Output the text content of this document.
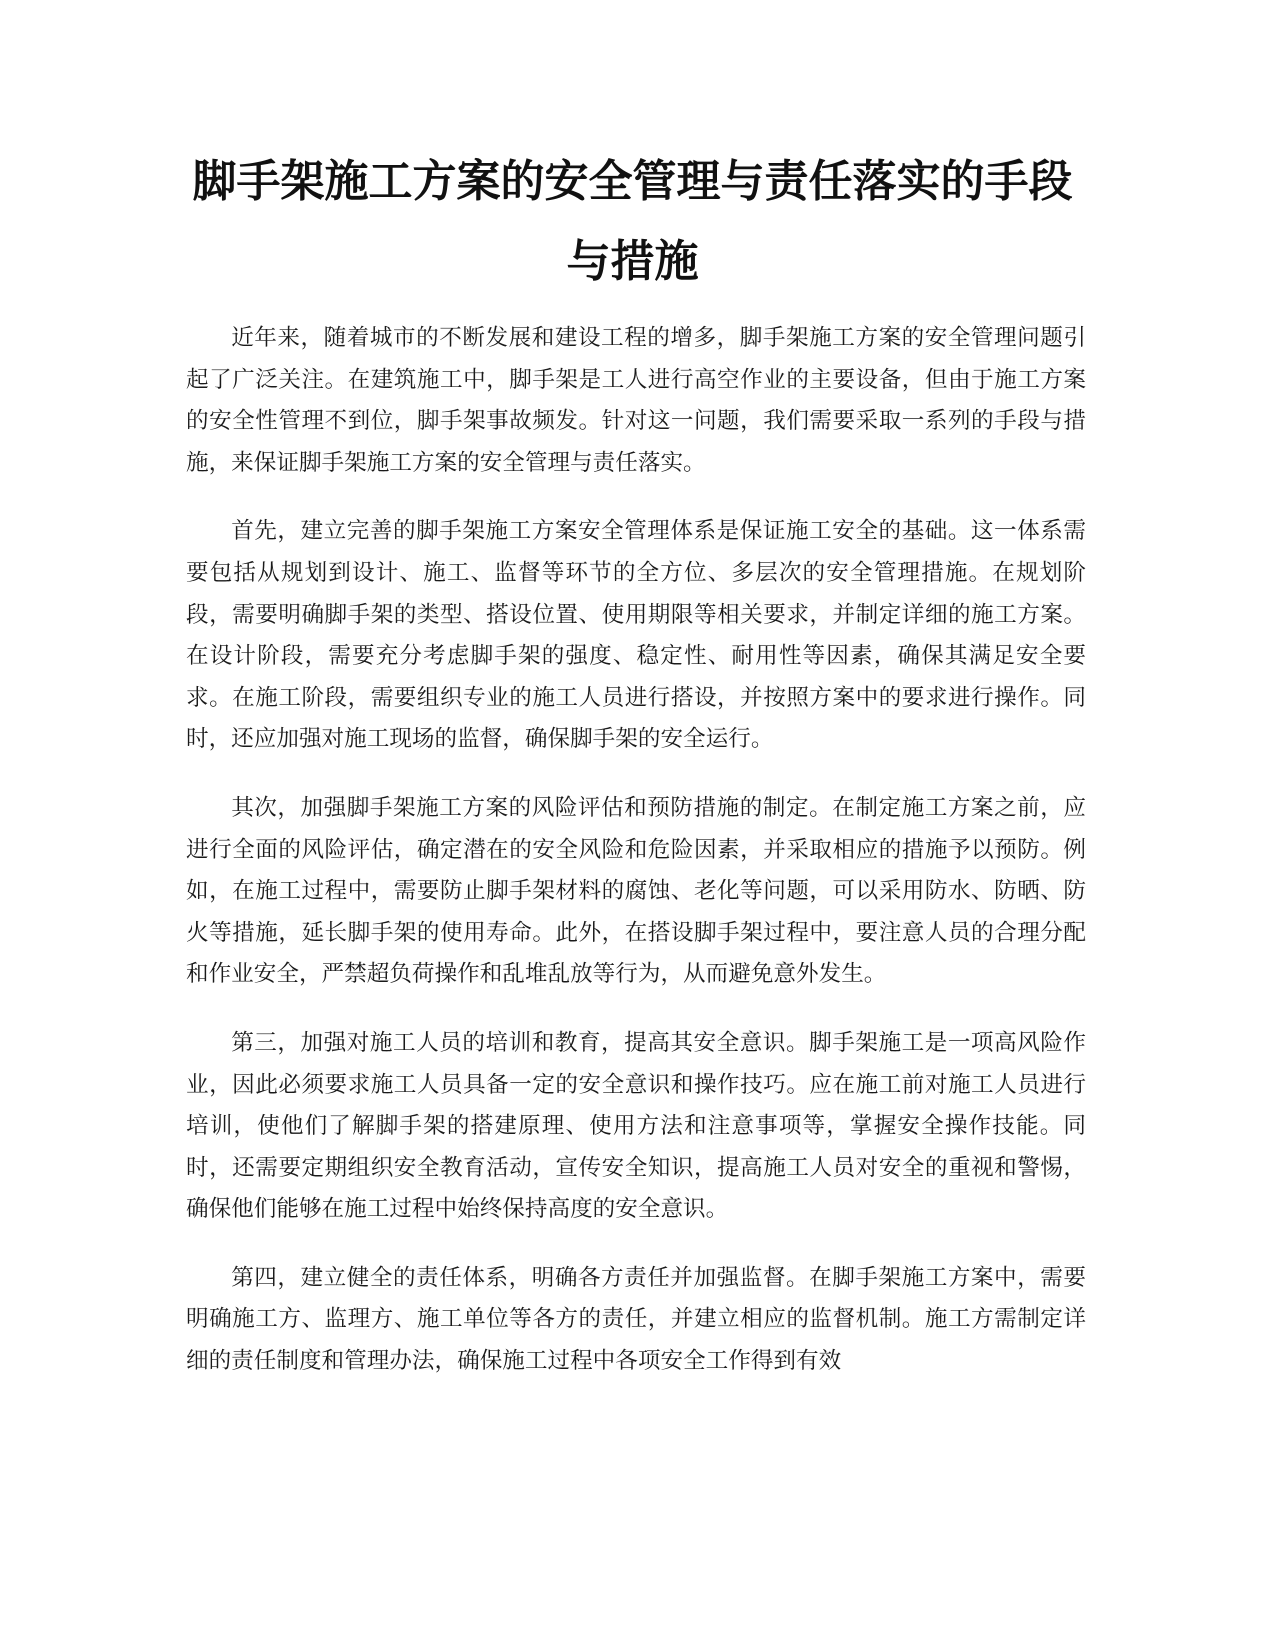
脚手架施工方案的安全管理与责任落实的手段与措施

近年来，随着城市的不断发展和建设工程的增多，脚手架施工方案的安全管理问题引起了广泛关注。在建筑施工中，脚手架是工人进行高空作业的主要设备，但由于施工方案的安全性管理不到位，脚手架事故频发。针对这一问题，我们需要采取一系列的手段与措施，来保证脚手架施工方案的安全管理与责任落实。

首先，建立完善的脚手架施工方案安全管理体系是保证施工安全的基础。这一体系需要包括从规划到设计、施工、监督等环节的全方位、多层次的安全管理措施。在规划阶段，需要明确脚手架的类型、搭设位置、使用期限等相关要求，并制定详细的施工方案。在设计阶段，需要充分考虑脚手架的强度、稳定性、耐用性等因素，确保其满足安全要求。在施工阶段，需要组织专业的施工人员进行搭设，并按照方案中的要求进行操作。同时，还应加强对施工现场的监督，确保脚手架的安全运行。

其次，加强脚手架施工方案的风险评估和预防措施的制定。在制定施工方案之前，应进行全面的风险评估，确定潜在的安全风险和危险因素，并采取相应的措施予以预防。例如，在施工过程中，需要防止脚手架材料的腐蚀、老化等问题，可以采用防水、防晒、防火等措施，延长脚手架的使用寿命。此外，在搭设脚手架过程中，要注意人员的合理分配和作业安全，严禁超负荷操作和乱堆乱放等行为，从而避免意外发生。

第三，加强对施工人员的培训和教育，提高其安全意识。脚手架施工是一项高风险作业，因此必须要求施工人员具备一定的安全意识和操作技巧。应在施工前对施工人员进行培训，使他们了解脚手架的搭建原理、使用方法和注意事项等，掌握安全操作技能。同时，还需要定期组织安全教育活动，宣传安全知识，提高施工人员对安全的重视和警惕，确保他们能够在施工过程中始终保持高度的安全意识。

第四，建立健全的责任体系，明确各方责任并加强监督。在脚手架施工方案中，需要明确施工方、监理方、施工单位等各方的责任，并建立相应的监督机制。施工方需制定详细的责任制度和管理办法，确保施工过程中各项安全工作得到有效
